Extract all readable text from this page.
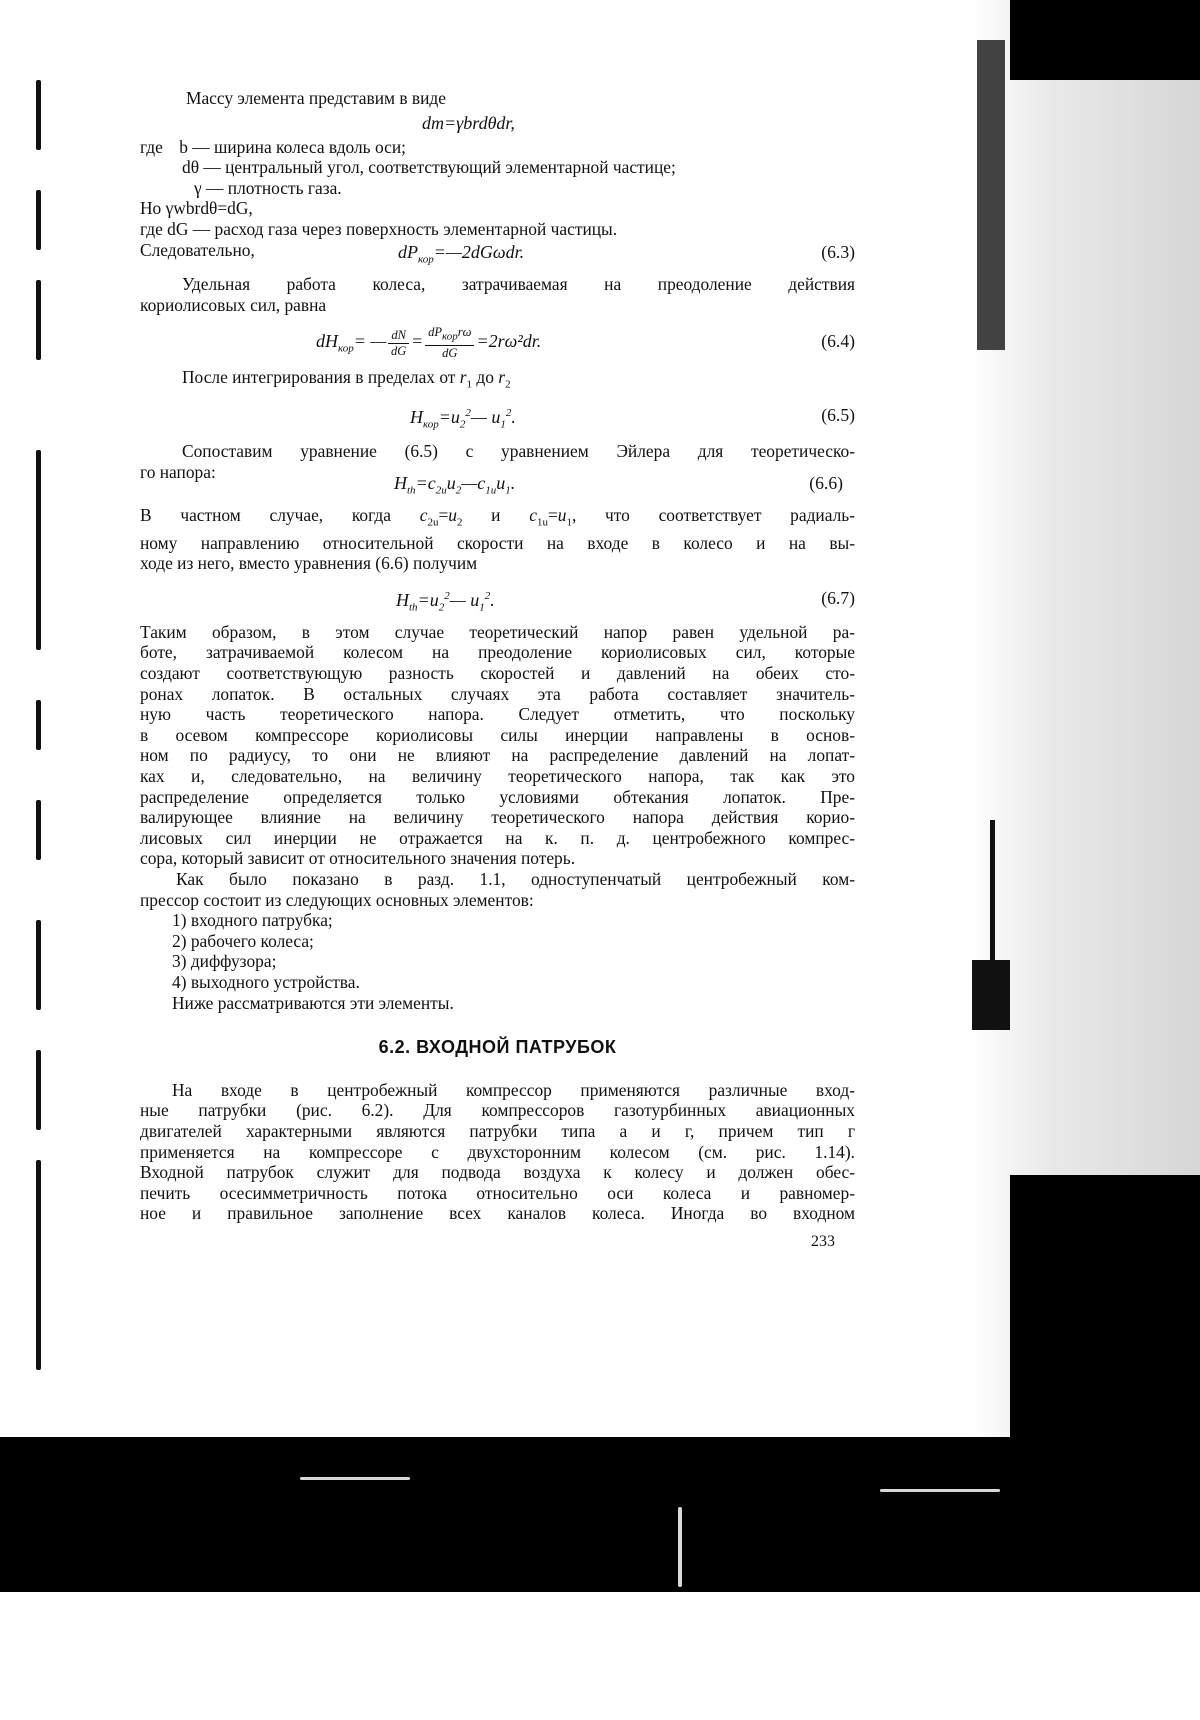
Массу элемента представим в виде
dm=γbrdθdr,
где b — ширина колеса вдоль оси;
dθ — центральный угол, соответствующий элементарной частице;
γ — плотность газа.
Но γwbrdθ=dG,
где dG — расход газа через поверхность элементарной частицы.
Следовательно,	$dP_{кор}=—2dG\omega dr$.	(6.3)
Удельная работа колеса, затрачиваемая на преодоление действия
кориолисовых сил, равна
$dH_{кор}=$ — $\frac{dN}{dG} = \frac{dP_{кор}r\omega}{dG} =2r\omega^2dr$.	(6.4)
После интегрирования в пределах от $r_1$ до $r_2$
$H_{кор}=u_2^2—$ $u_1^2$.	(6.5)
Сопоставим уравнение (6.5) с уравнением Эйлера для теоретическо-
го напора:
$H_{th}=c_{2u}u_2—c_{1u}u_1$.	(6.6)
В частном случае, когда $c_{2u}=u_2$ и $c_{1u}=u_1$, что соответствует радиаль-
ному направлению относительной скорости на входе в колесо и на вы-
ходе из него, вместо уравнения (6.6) получим
$H_{th}=u_2^2—$ $u_1^2$.	(6.7)
Таким образом, в этом случае теоретический напор равен удельной ра-
боте, затрачиваемой колесом на преодоление кориолисовых сил, которые
создают соответствующую разность скоростей и давлений на обеих сто-
ронах лопаток. В остальных случаях эта работа составляет значитель-
ную часть теоретического напора. Следует отметить, что поскольку
в осевом компрессоре кориолисовы силы инерции направлены в основ-
ном по радиусу, то они не влияют на распределение давлений на лопат-
ках и, следовательно, на величину теоретического напора, так как это
распределение определяется только условиями обтекания лопаток. Пре-
валирующее влияние на величину теоретического напора действия корио-
лисовых сил инерции не отражается на к. п. д. центробежного компрес-
сора, который зависит от относительного значения потерь.
Как было показано в разд. 1.1, одноступенчатый центробежный ком-
прессор состоит из следующих основных элементов:
1) входного патрубка;
2) рабочего колеса;
3) диффузора;
4) выходного устройства.
Ниже рассматриваются эти элементы.
6.2. ВХОДНОЙ ПАТРУБОК
На входе в центробежный компрессор применяются различные вход-
ные патрубки (рис. 6.2). Для компрессоров газотурбинных авиационных
двигателей характерными являются патрубки типа а и г, причем тип г
применяется на компрессоре с двухсторонним колесом (см. рис. 1.14).
Входной патрубок служит для подвода воздуха к колесу и должен обес-
печить осесимметричность потока относительно оси колеса и равномер-
ное и правильное заполнение всех каналов колеса. Иногда во входном
233
